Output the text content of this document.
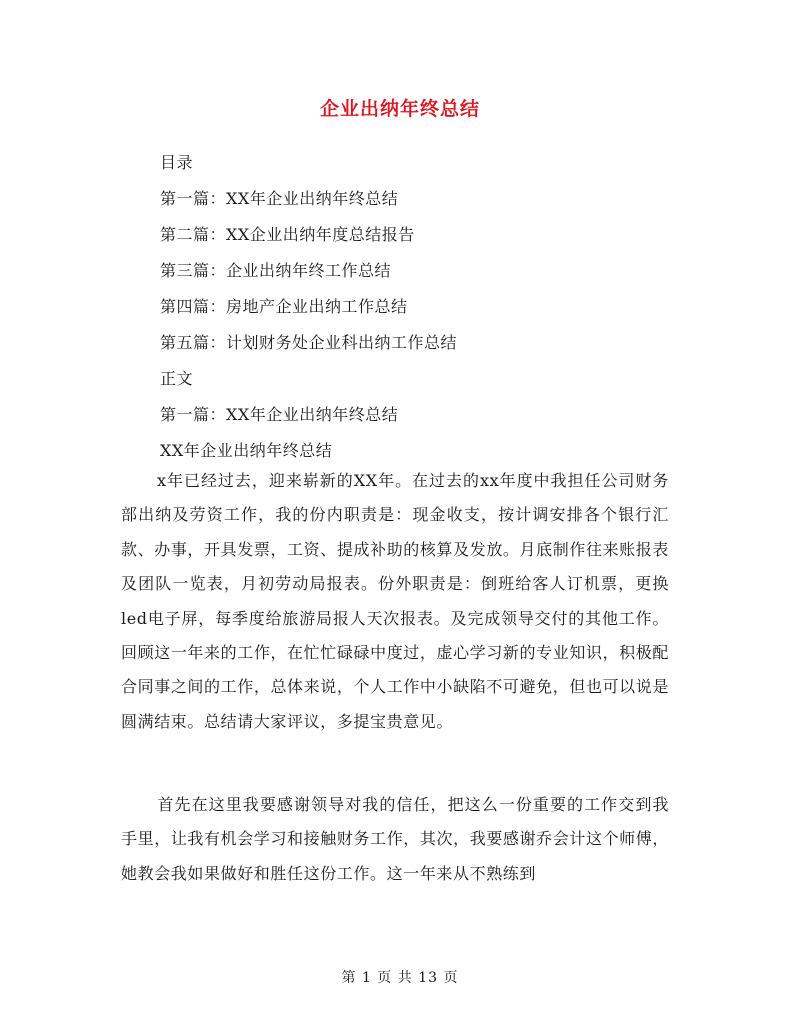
企业出纳年终总结
目录
第一篇：XX年企业出纳年终总结
第二篇：XX企业出纳年度总结报告
第三篇：企业出纳年终工作总结
第四篇：房地产企业出纳工作总结
第五篇：计划财务处企业科出纳工作总结
正文
第一篇：XX年企业出纳年终总结
XX年企业出纳年终总结
x年已经过去，迎来崭新的XX年。在过去的xx年度中我担任公司财务部出纳及劳资工作，我的份内职责是：现金收支，按计调安排各个银行汇款、办事，开具发票，工资、提成补助的核算及发放。月底制作往来账报表及团队一览表，月初劳动局报表。份外职责是：倒班给客人订机票，更换led电子屏，每季度给旅游局报人天次报表。及完成领导交付的其他工作。回顾这一年来的工作，在忙忙碌碌中度过，虚心学习新的专业知识，积极配合同事之间的工作，总体来说，个人工作中小缺陷不可避免，但也可以说是圆满结束。总结请大家评议，多提宝贵意见。
首先在这里我要感谢领导对我的信任，把这么一份重要的工作交到我手里，让我有机会学习和接触财务工作，其次，我要感谢乔会计这个师傅，她教会我如果做好和胜任这份工作。这一年来从不熟练到
第 1 页 共 13 页
